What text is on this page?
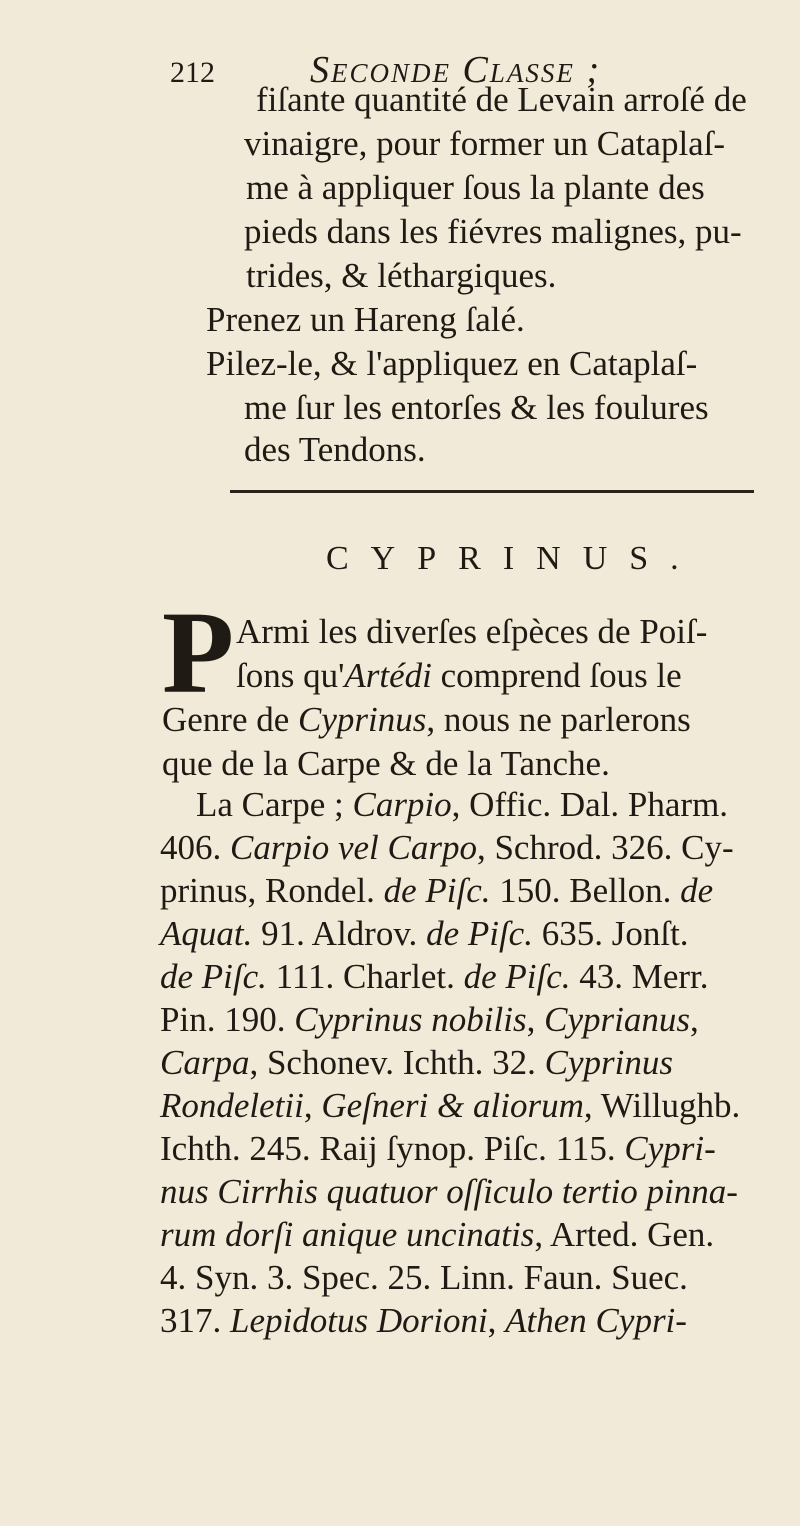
212	Seconde Classe ;
fiſante quantité de Levain arroſé de
vinaigre, pour former un Cataplaſ-
me à appliquer ſous la plante des
pieds dans les fiévres malignes, pu-
trides, & léthargiques.
Prenez un Hareng ſalé.
Pilez-le, & l'appliquez en Cataplaſ-
me ſur les entorſes & les foulures
des Tendons.
CYPRINUS.
P Armi les diverſes eſpèces de Poiſ-
ſons qu'Artédi comprend ſous le
Genre de Cyprinus, nous ne parlerons
que de la Carpe & de la Tanche.
La Carpe ; Carpio, Offic. Dal. Pharm.
406. Carpio vel Carpo, Schrod. 326. Cy-
prinus, Rondel. de Piſc. 150. Bellon. de
Aquat. 91. Aldrov. de Piſc. 635. Jonſt.
de Piſc. 111. Charlet. de Piſc. 43. Merr.
Pin. 190. Cyprinus nobilis, Cyprianus,
Carpa, Schonev. Ichth. 32. Cyprinus
Rondeletii, Geſneri & aliorum, Willughb.
Ichth. 245. Raij ſynop. Piſc. 115. Cypri-
nus Cirrhis quatuor oſſiculo tertio pinna-
rum dorſi anique uncinatis, Arted. Gen.
4. Syn. 3. Spec. 25. Linn. Faun. Suec.
317. Lepidotus Dorioni, Athen Cypri-
